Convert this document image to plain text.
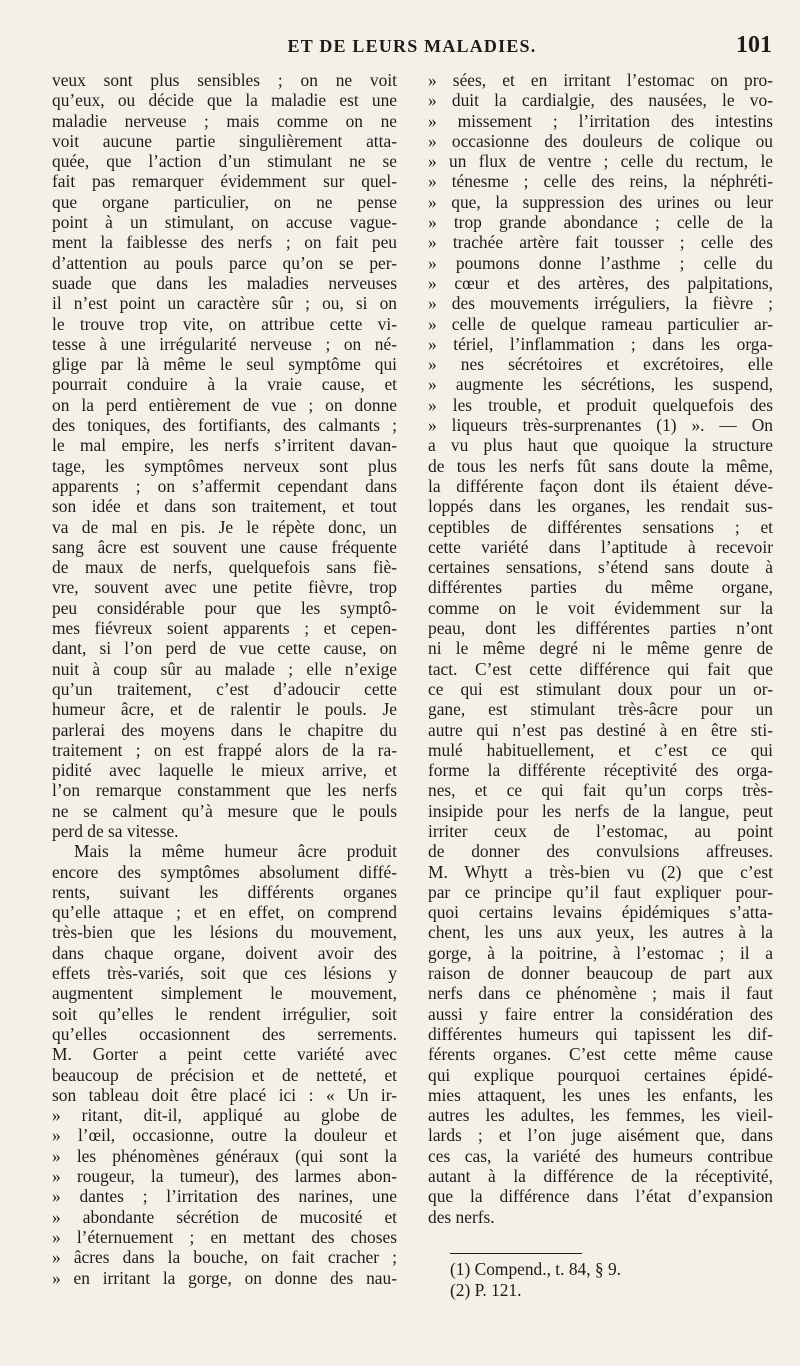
ET DE LEURS MALADIES.	101
veux sont plus sensibles ; on ne voit
qu’eux, ou décide que la maladie est une
maladie nerveuse ; mais comme on ne
voit aucune partie singulièrement atta-
quée, que l’action d’un stimulant ne se
fait pas remarquer évidemment sur quel-
que organe particulier, on ne pense
point à un stimulant, on accuse vague-
ment la faiblesse des nerfs ; on fait peu
d’attention au pouls parce qu’on se per-
suade que dans les maladies nerveuses
il n’est point un caractère sûr ; ou, si on
le trouve trop vite, on attribue cette vi-
tesse à une irrégularité nerveuse ; on né-
glige par là même le seul symptôme qui
pourrait conduire à la vraie cause, et
on la perd entièrement de vue ; on donne
des toniques, des fortifiants, des calmants ;
le mal empire, les nerfs s’irritent davan-
tage, les symptômes nerveux sont plus
apparents ; on s’affermit cependant dans
son idée et dans son traitement, et tout
va de mal en pis. Je le répète donc, un
sang âcre est souvent une cause fréquente
de maux de nerfs, quelquefois sans fiè-
vre, souvent avec une petite fièvre, trop
peu considérable pour que les symptô-
mes fiévreux soient apparents ; et cepen-
dant, si l’on perd de vue cette cause, on
nuit à coup sûr au malade ; elle n’exige
qu’un traitement, c’est d’adoucir cette
humeur âcre, et de ralentir le pouls. Je
parlerai des moyens dans le chapitre du
traitement ; on est frappé alors de la ra-
pidité avec laquelle le mieux arrive, et
l’on remarque constamment que les nerfs
ne se calment qu’à mesure que le pouls
perd de sa vitesse.
Mais la même humeur âcre produit
encore des symptômes absolument diffé-
rents, suivant les différents organes
qu’elle attaque ; et en effet, on comprend
très-bien que les lésions du mouvement,
dans chaque organe, doivent avoir des
effets très-variés, soit que ces lésions y
augmentent simplement le mouvement,
soit qu’elles le rendent irrégulier, soit
qu’elles occasionnent des serrements.
M. Gorter a peint cette variété avec
beaucoup de précision et de netteté, et
son tableau doit être placé ici : « Un ir-
» ritant, dit-il, appliqué au globe de
» l’œil, occasionne, outre la douleur et
» les phénomènes généraux (qui sont la
» rougeur, la tumeur), des larmes abon-
» dantes ; l’irritation des narines, une
» abondante sécrétion de mucosité et
» l’éternuement ; en mettant des choses
» âcres dans la bouche, on fait cracher ;
» en irritant la gorge, on donne des nau-
» sées, et en irritant l’estomac on pro-
» duit la cardialgie, des nausées, le vo-
» missement ; l’irritation des intestins
» occasionne des douleurs de colique ou
» un flux de ventre ; celle du rectum, le
» ténesme ; celle des reins, la néphréti-
» que, la suppression des urines ou leur
» trop grande abondance ; celle de la
» trachée artère fait tousser ; celle des
» poumons donne l’asthme ; celle du
» cœur et des artères, des palpitations,
» des mouvements irréguliers, la fièvre ;
» celle de quelque rameau particulier ar-
» tériel, l’inflammation ; dans les orga-
» nes sécrétoires et excrétoires, elle
» augmente les sécrétions, les suspend,
» les trouble, et produit quelquefois des
» liqueurs très-surprenantes (1) ». — On
a vu plus haut que quoique la structure
de tous les nerfs fût sans doute la même,
la différente façon dont ils étaient déve-
loppés dans les organes, les rendait sus-
ceptibles de différentes sensations ; et
cette variété dans l’aptitude à recevoir
certaines sensations, s’étend sans doute à
différentes parties du même organe,
comme on le voit évidemment sur la
peau, dont les différentes parties n’ont
ni le même degré ni le même genre de
tact. C’est cette différence qui fait que
ce qui est stimulant doux pour un or-
gane, est stimulant très-âcre pour un
autre qui n’est pas destiné à en être sti-
mulé habituellement, et c’est ce qui
forme la différente réceptivité des orga-
nes, et ce qui fait qu’un corps très-
insipide pour les nerfs de la langue, peut
irriter ceux de l’estomac, au point
de donner des convulsions affreuses.
M. Whytt a très-bien vu (2) que c’est
par ce principe qu’il faut expliquer pour-
quoi certains levains épidémiques s’atta-
chent, les uns aux yeux, les autres à la
gorge, à la poitrine, à l’estomac ; il a
raison de donner beaucoup de part aux
nerfs dans ce phénomène ; mais il faut
aussi y faire entrer la considération des
différentes humeurs qui tapissent les dif-
férents organes. C’est cette même cause
qui explique pourquoi certaines épidé-
mies attaquent, les unes les enfants, les
autres les adultes, les femmes, les vieil-
lards ; et l’on juge aisément que, dans
ces cas, la variété des humeurs contribue
autant à la différence de la réceptivité,
que la différence dans l’état d’expansion
des nerfs.
(1) Compend., t. 84, § 9.
(2) P. 121.
